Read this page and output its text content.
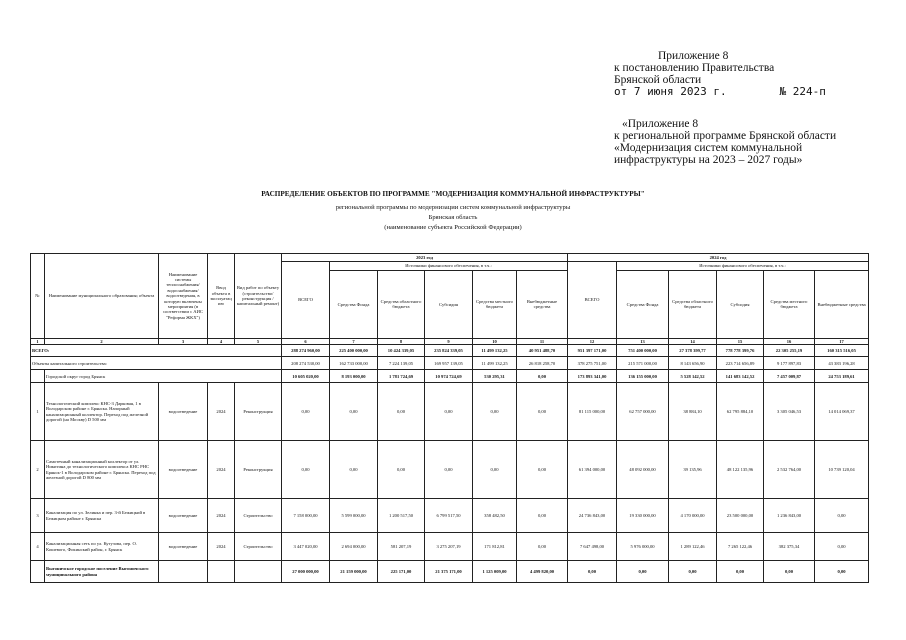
Приложение 8
к постановлению Правительства
Брянской области
от 7 июня 2023 г.        № 224-п
«Приложение 8
к региональной программе Брянской области
«Модернизация систем коммунальной
инфраструктуры на 2023 – 2027 годы»
РАСПРЕДЕЛЕНИЕ ОБЪЕКТОВ ПО ПРОГРАММЕ "МОДЕРНИЗАЦИЯ КОММУНАЛЬНОЙ ИНФРАСТРУКТУРЫ"
региональной программы по модернизации систем коммунальной инфраструктуры
Брянская область
(наименование субъекта Российской Федерации)
№	Наименование муниципального образования; объекта	Наименование системы теплоснабжения/водоснабжения/водоотведения, в которую включены мероприятия (в соответствии с АИС "Реформа ЖКХ")	Ввод объекта в эксплуатацию	Вид работ по объекту (строительство/ реконструкция / капитальный ремонт)	2023 год						2024 год					
					ВСЕГО	Источники финансового обеспечения, в т.ч.:					ВСЕГО	Источники финансового обеспечения, в т.ч.:				
						Средства Фонда	Средства областного бюджета	Субсидия	Средства местного бюджета	Внебюджетные средства		Средства Фонда	Средства областного бюджета	Субсидия	Средства местного бюджета	Внебюджетные средства
1	2	3	4	5	6	7	8	9	10	11	12	13	14	15	16	17
ВСЕГО:					288 274 960,00	225 400 000,00	10 424 339,05	235 824 339,05	11 499 132,25	40 951 488,70	951 397 171,00	751 400 000,00	27 378 399,77	778 778 399,76	22 305 255,19	160 315 516,05
Объекты капитального строительства:					208 274 530,00	162 733 000,00	7 224 139,05	169 957 139,05	11 499 132,25	26 818 258,70	378 275 751,00	215 571 000,00	8 143 656,90	223 714 656,89	9 177 897,83	43 383 196,28
	Городской округ город Брянск				10 605 020,00	8 193 000,00	1 781 724,69	10 974 724,69	530 295,31	0,00	173 893 341,00	136 155 000,00	5 528 142,52	141 683 142,52	7 457 009,87	24 753 189,61
1	Технологический комплекс КНС-3 Дарковая, 1 в Володарском районе г. Брянска. Напорный канализационный коллектор. Переход под железной дорогой (на Москву) D 500 мм	водоотведение	2024	Реконструкция	0,00	0,00	0,00	0,00	0,00	0,00	81 115 000,00	62 757 000,00	38 884,10	62 795 884,10	3 305 046,53	14 014 069,37
2	Самотечный канализационный коллектор от ул. Никитина до технологического комплекса КНС РНС Брянск-1 в Володарском районе г. Брянска. Переход под железной дорогой D 800 мм	водоотведение	2024	Реконструкция	0,00	0,00	0,00	0,00	0,00	0,00	61 394 000,00	48 092 000,00	39 135,96	48 122 135,96	2 532 764,00	10 739 120,04
3	Канализация по ул. Зелинка и пер. 3-й Бежицкий в Бежицком районе г. Брянска	водоотведение	2024	Строительство	7 158 000,00	5 599 000,00	1 200 517,50	6 799 517,50	358 482,50	0,00	24 736 843,00	19 330 000,00	4 170 000,00	23 500 000,00	1 236 843,00	0,00
4	Канализационная сеть по ул. Кутузова, пер. О. Кошевого, Фокинский район, г. Брянск	водоотведение	2024	Строительство	3 447 020,00	2 694 000,00	581 207,19	3 275 207,19	171 812,81	0,00	7 647 498,00	5 976 000,00	1 289 122,46	7 265 122,46	382 375,34	0,00
	Выгоничское городское поселение Выгоничского муниципального района				27 000 000,00	21 159 000,00	225 171,00	21 375 171,00	1 125 009,00	4 499 820,00	0,00	0,00	0,00	0,00	0,00	0,00
